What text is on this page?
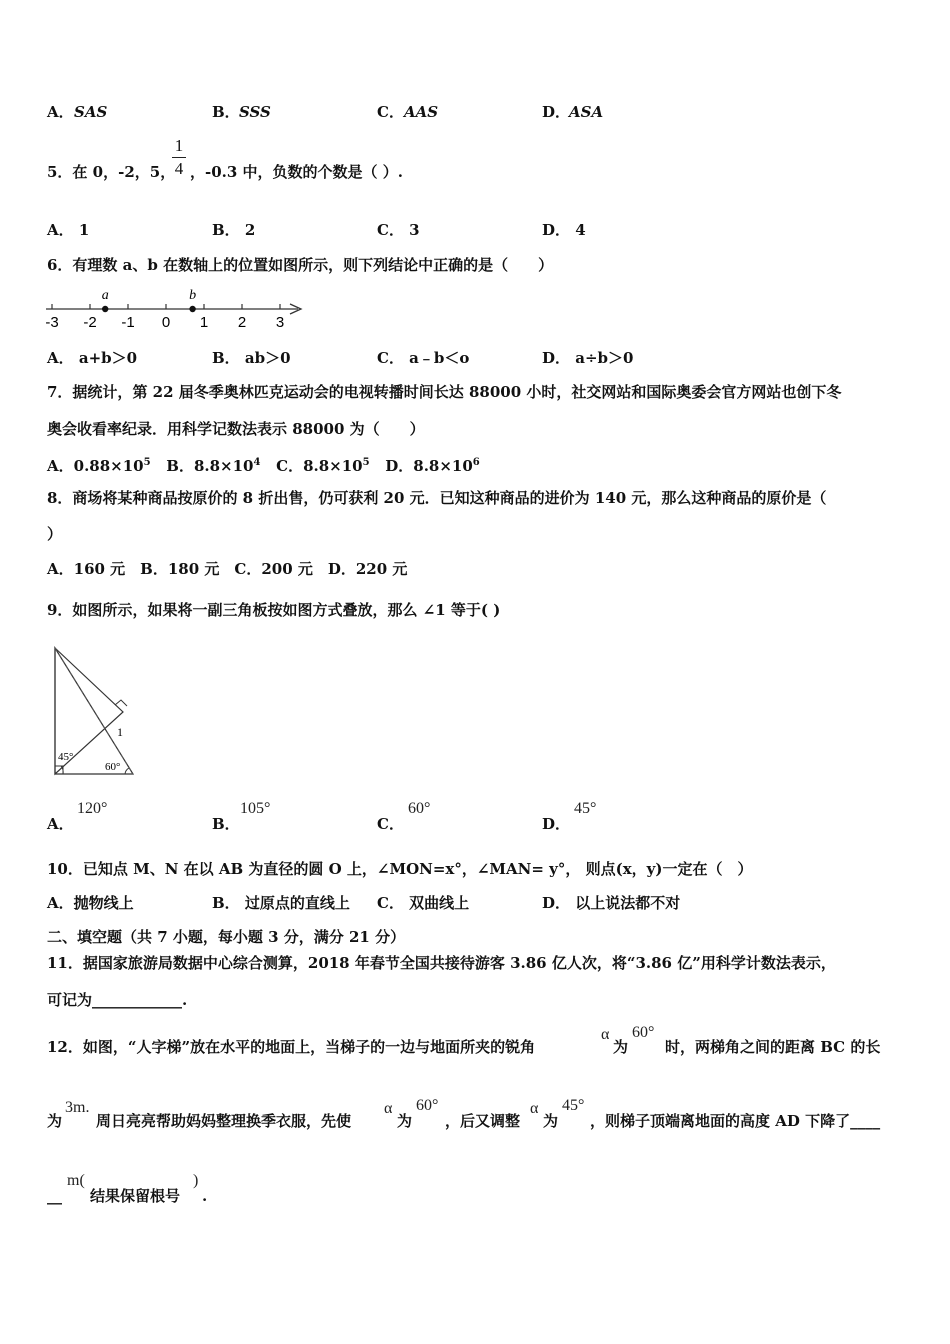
A． SAS	B． SSS	C． AAS	D．
ASA
5．在 0，-2，5，
1
4 ，-0.3 中，负数的个数是（ ）.
A． 1	B． 2	C． 3	D． 4
6．有理数 a、b 在数轴上的位置如图所示，则下列结论中正确的是（　　）
-3 -2 -1 0 1 2 3
a	b
A． a+b＞0	B． ab＞0	C． a﹣b＜o	D． a÷b＞0
7．据统计，第 22 届冬季奥林匹克运动会的电视转播时间长达 88000 小时，社交网站和国际奥委会官方网站也创下冬
奥会收看率纪录．用科学记数法表示 88000 为（　　）
A．$0.88\times 10^5$ B．$8.8\times 10^4$ C．$8.8\times 10^5$ D．$8.8\times 10^6$
8．商场将某种商品按原价的 8 折出售，仍可获利 20 元．已知这种商品的进价为 140 元，那么这种商品的原价是（
）
A．160 元　B．180 元　C．200 元　D．220 元
9．如图所示，如果将一副三角板按如图方式叠放，那么 ∠1 等于( )
45°
60°
1
A．
120°
B．
105°
C．
60°
D．
45°
10．已知点 M、N 在以 AB 为直径的圆 O 上，∠MON=x°，∠MAN= y°， 则点(x，y)一定在（　）
A．抛物线上	B． 过原点的直线上 C． 双曲线上	D． 以上说法都不对
二、填空题（共 7 小题，每小题 3 分，满分 21 分）
11．据国家旅游局数据中心综合测算，2018 年春节全国共接待游客 3.86 亿人次，将“3.86 亿”用科学计数法表示，
可记为____________.
12．如图，“人字梯”放在水平的地面上，当梯子的一边与地面所夹的锐角
α
为
60°
时，两梯角之间的距离 BC 的长
为
3m.
周日亮亮帮助妈妈整理换季衣服，先使
α
为
60°
，后又调整
α
为
45°
，则梯子顶端离地面的高度 AD 下降了____
__
m(
结果保留根号
)
.
